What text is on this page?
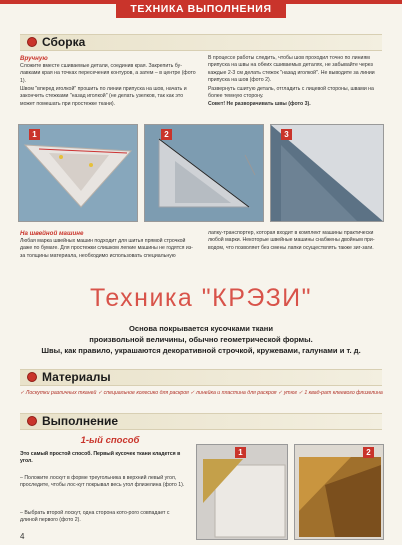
ТЕХНИКА ВЫПОЛНЕНИЯ
Сборка
Вручную
Сложите вместе сшиваемые детали, соединив края. Закрепить бу-лавками края на точках пересечения контуров, а затем – в центре (фото 1).
Швом "вперед иголкой" прошить по линии припуска на шов, начать и закончить стежками "назад иголкой" (не делать узелков, так как это может помешать при простежке ткани).
В процессе работы следить, чтобы шов проходил точно по линиям припуска на швы на обеих сшиваемых деталях, не забывайте через каждые 2-3 см делать стежок "назад иголкой". Не выводите за линии припуска на шов (фото 2).
Развернуть сшитую деталь, отгладить с лицевой стороны, швами на более темную сторону.
Совет! Не разворачивать швы (фото 3).
1	2	3
На швейной машине
Любая марка швейных машин подходит для шитья прямой строчкой даже по бумаге. Для простежки слишком легкие машины не годятся из-за толщины материала, необходимо использовать специальную
лапку-транспортер, которая входит в комплект машины практически любой марки. Некоторые швейные машины снабжены двойным при-водом, что позволяет без смены лапки осуществлять также зиг-заги.
Техника "КРЭЗИ"
Основа покрывается кусочками ткани
произвольной величины, обычно геометрической формы.
Швы, как правило, украшаются декоративной строчкой, кружевами, галунами и т. д.
Материалы
✓ Лоскутки различных тканей ✓ специальное колесико для раскроя ✓ линейка и пластина для раскроя ✓ утюг ✓ 1 квад-рат клеевого флизелина
Выполнение
1-ый способ
Это самый простой способ. Первый кусочек ткани кладется в угол.
– Положите лоскут в форме треугольника в верхний левый угол, проследите, чтобы лос-кут покрывал весь угол флизелина (фото 1).
– Выбрать второй лоскут, одна сторона кото-рого совпадает с длиной первого (фото 2).
1	2
4
